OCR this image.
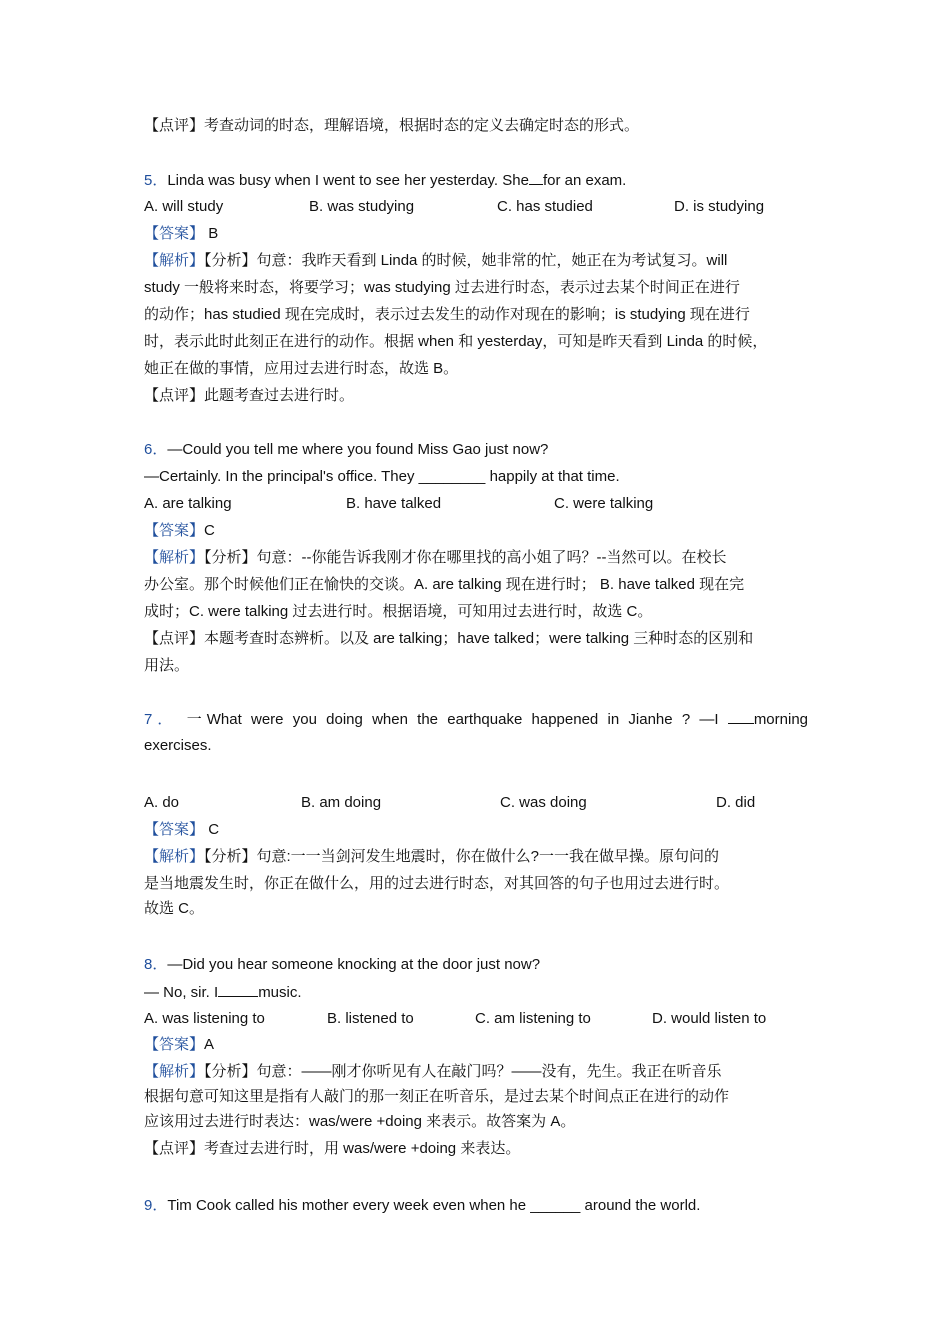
【点评】考查动词的时态，理解语境，根据时态的定义去确定时态的形式。
5．Linda was busy when I went to see her yesterday. She for an exam.
A. will study	B. was studying	C. has studied	D. is studying
【答案】 B
【解析】【分析】句意：我昨天看到 Linda 的时候，她非常的忙，她正在为考试复习。will
study 一般将来时态，将要学习；was studying 过去进行时态，表示过去某个时间正在进行
的动作；has studied 现在完成时，表示过去发生的动作对现在的影响；is studying 现在进行
时，表示此时此刻正在进行的动作。根据 when 和 yesterday，可知是昨天看到 Linda 的时候，
她正在做的事情，应用过去进行时态，故选 B。
【点评】此题考查过去进行时。
6．—Could you tell me where you found Miss Gao just now?
—Certainly. In the principal's office. They ________ happily at that time.
A. are talking	B. have talked	C. were talking
【答案】C
【解析】【分析】句意：--你能告诉我刚才你在哪里找的高小姐了吗？--当然可以。在校长
办公室。那个时候他们正在愉快的交谈。A. are talking 现在进行时； B. have talked 现在完
成时；C. were talking 过去进行时。根据语境，可知用过去进行时，故选 C。
【点评】本题考查时态辨析。以及 are talking；have talked；were talking 三种时态的区别和
用法。
7． 一What were you doing when the earthquake happened in Jianhe ? —I morning
exercises.
A. do	B. am doing	C. was doing	D. did
【答案】 C
【解析】【分析】句意:一一当剑河发生地震时，你在做什么?一一我在做早操。原句问的
是当地震发生时，你正在做什么，用的过去进行时态，对其回答的句子也用过去进行时。
故选 C。
8．—Did you hear someone knocking at the door just now?
— No, sir. I	music.
A. was listening to	B. listened to	C. am listening to	D. would listen to
【答案】A
【解析】【分析】句意：——刚才你听见有人在敲门吗？——没有，先生。我正在听音乐
根据句意可知这里是指有人敲门的那一刻正在听音乐，是过去某个时间点正在进行的动作
应该用过去进行时表达：was/were +doing 来表示。故答案为 A。
【点评】考查过去进行时，用 was/were +doing 来表达。
9．Tim Cook called his mother every week even when he ______ around the world.
